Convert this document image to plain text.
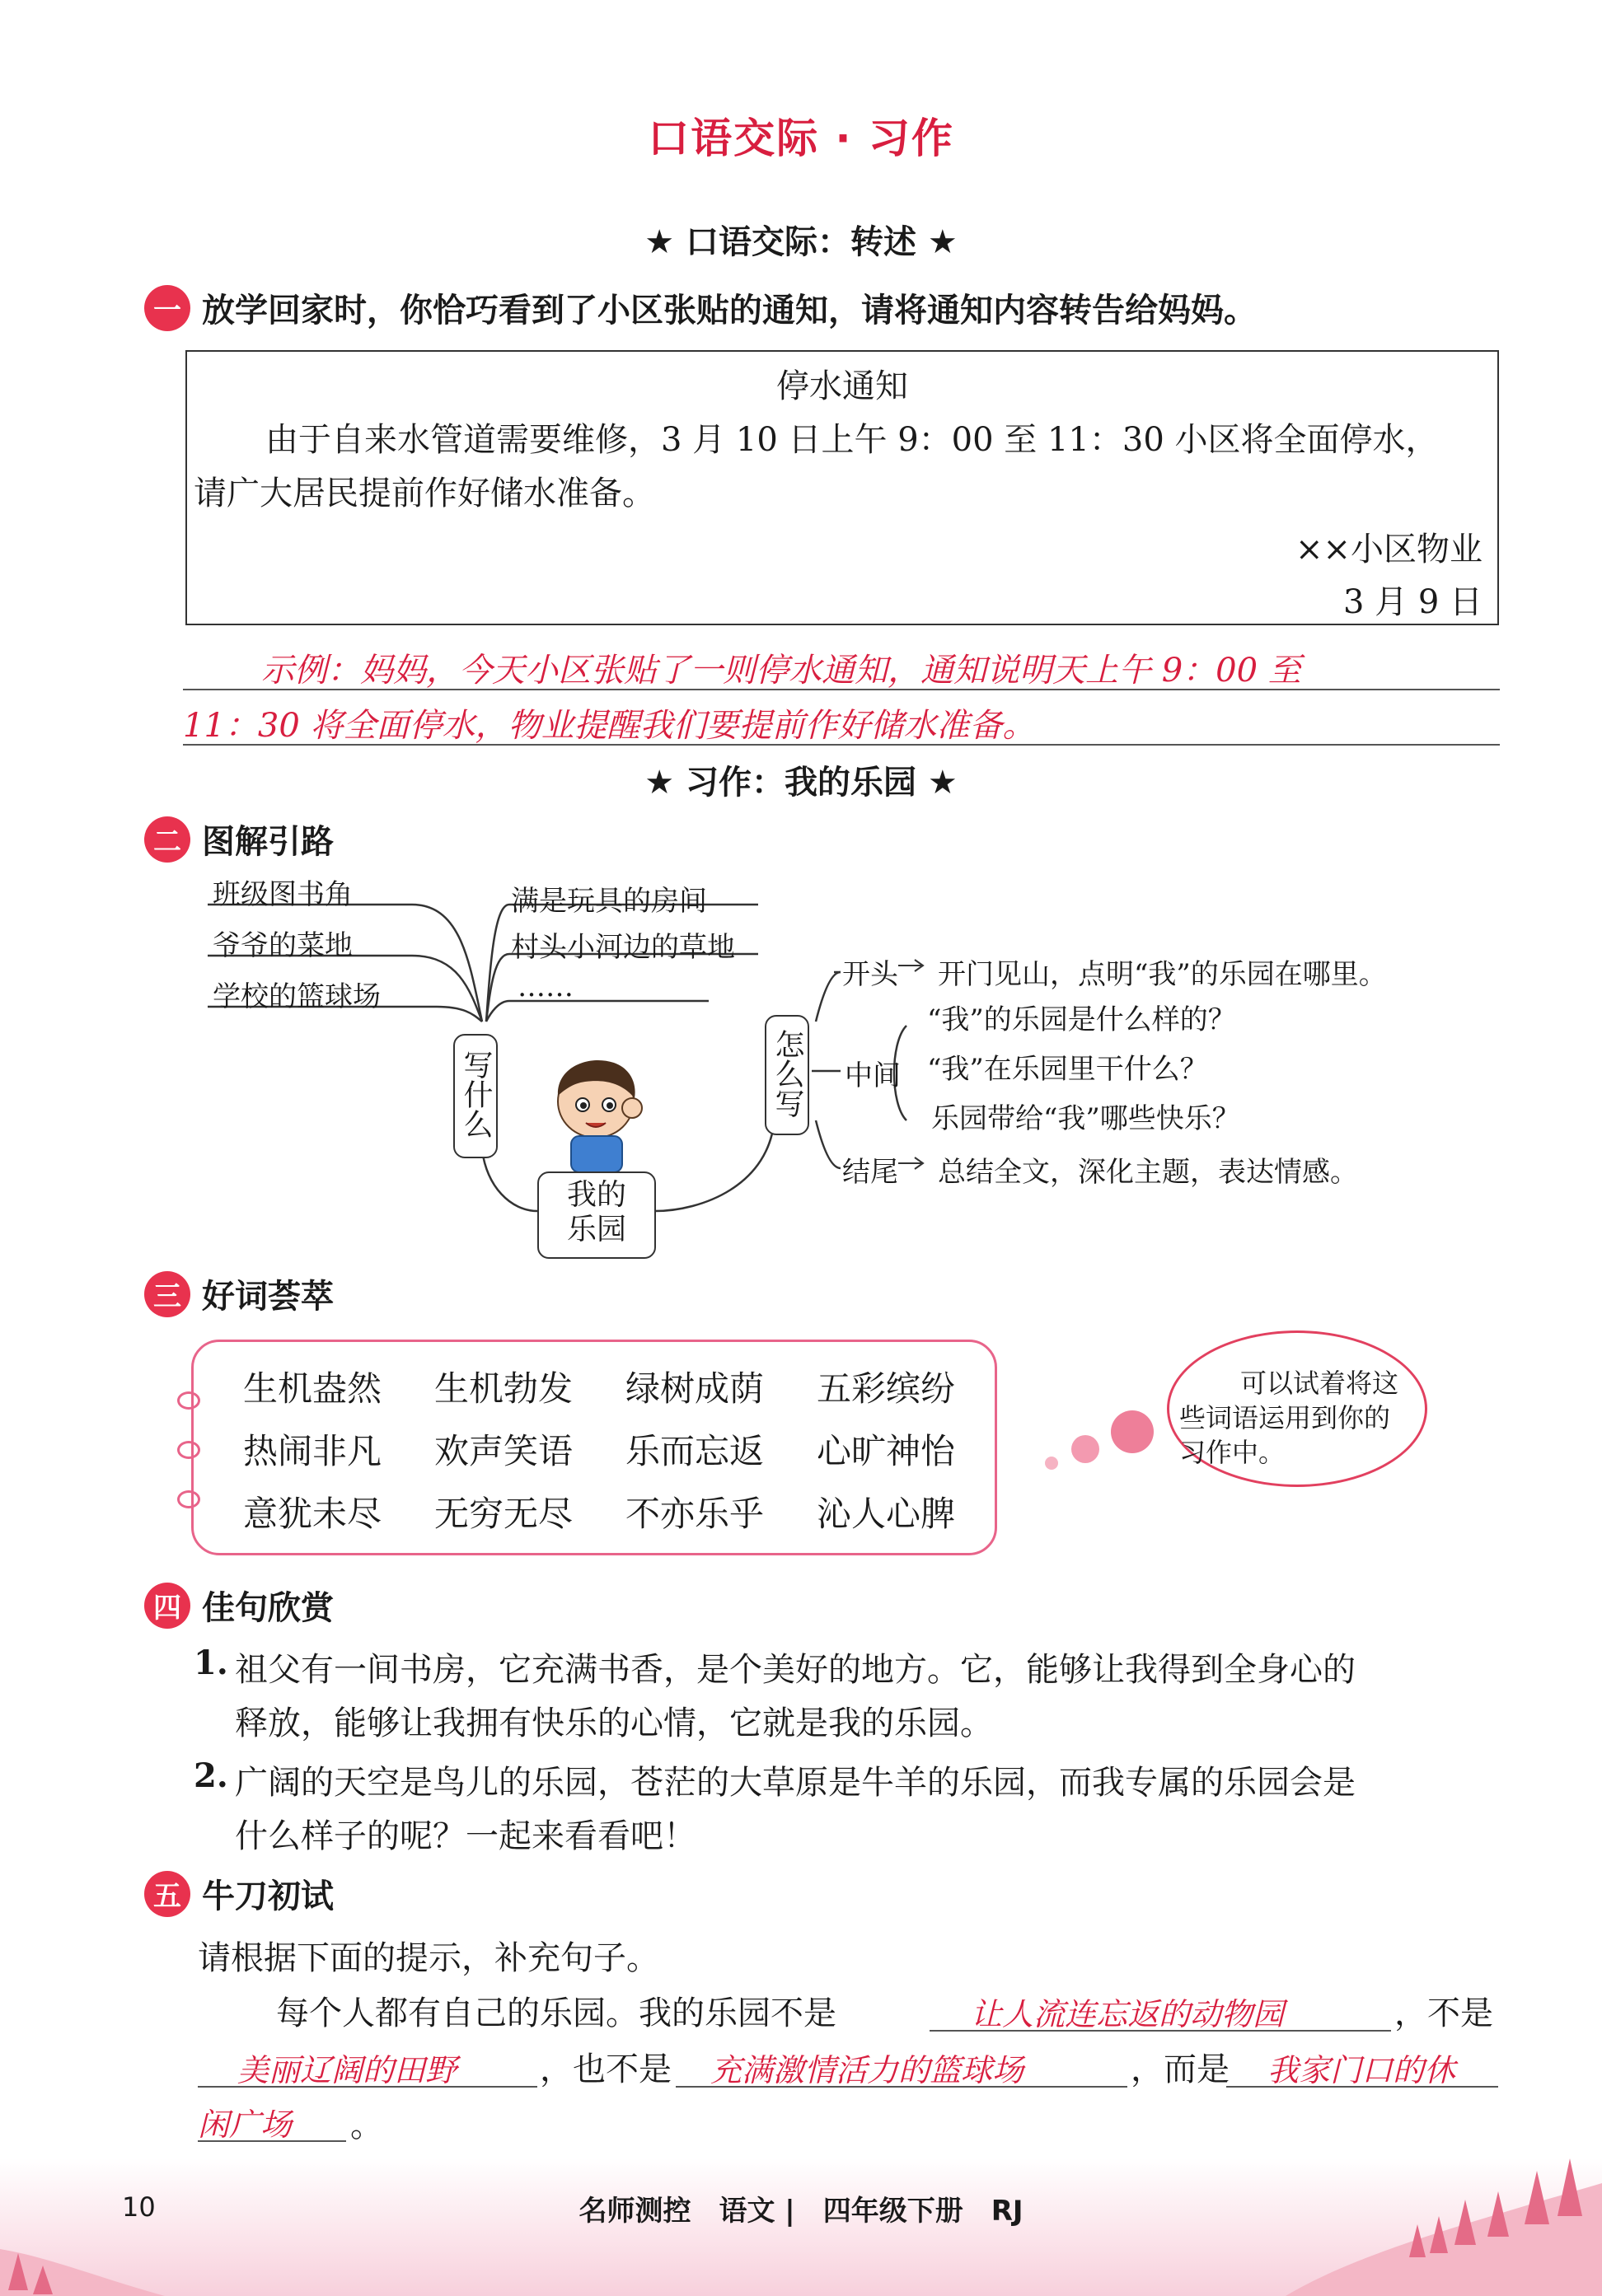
口语交际 · 习作
★ 口语交际：转述 ★
一 放学回家时，你恰巧看到了小区张贴的通知，请将通知内容转告给妈妈。
停水通知
由于自来水管道需要维修，3 月 10 日上午 9：00 至 11：30 小区将全面停水，
请广大居民提前作好储水准备。
××小区物业
3 月 9 日
示例：妈妈，今天小区张贴了一则停水通知，通知说明天上午 9：00 至
11：30 将全面停水，物业提醒我们要提前作好储水准备。
★ 习作：我的乐园 ★
二 图解引路
班级图书角
爷爷的菜地
学校的篮球场
满是玩具的房间
村头小河边的草地
……
写什么
我的乐园
怎么写
开头 开门见山，点明“我”的乐园在哪里。
中间
“我”的乐园是什么样的？
“我”在乐园里干什么？
乐园带给“我”哪些快乐？
结尾 总结全文，深化主题，表达情感。
三 好词荟萃
生机盎然 生机勃发 绿树成荫 五彩缤纷
热闹非凡 欢声笑语 乐而忘返 心旷神怡
意犹未尽 无穷无尽 不亦乐乎 沁人心脾
可以试着将这
些词语运用到你的
习作中。
四 佳句欣赏
1. 祖父有一间书房，它充满书香，是个美好的地方。它，能够让我得到全身心的
释放，能够让我拥有快乐的心情，它就是我的乐园。
2. 广阔的天空是鸟儿的乐园，苍茫的大草原是牛羊的乐园，而我专属的乐园会是
什么样子的呢？一起来看看吧！
五 牛刀初试
请根据下面的提示，补充句子。
每个人都有自己的乐园。我的乐园不是	让人流连忘返的动物园	，不是
美丽辽阔的田野	，也不是 充满激情活力的篮球场	，而是 我家门口的休
闲广场 。
10	名师测控　语文 |　四年级下册　RJ
